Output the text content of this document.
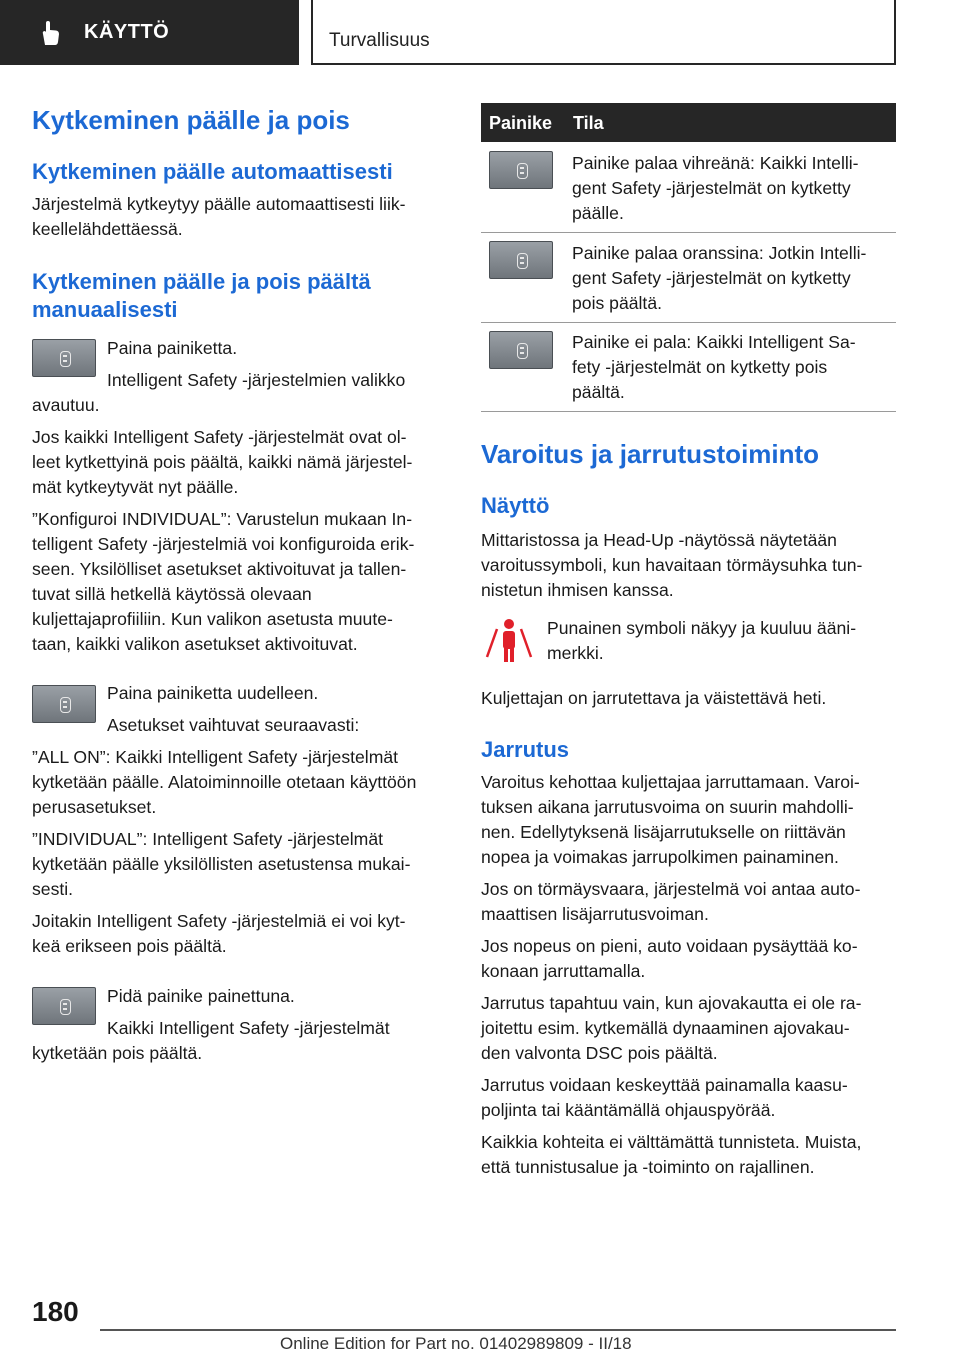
KÄYTTÖ	Turvallisuus
Kytkeminen päälle ja pois
Kytkeminen päälle automaattisesti

Järjestelmä kytkeytyy päälle automaattisesti liik-

keellelähdettäessä.

Kytkeminen päälle ja pois päältä
manuaalisesti

Paina painiketta.

Intelligent Safety -järjestelmien valikko

avautuu.

Jos kaikki Intelligent Safety -järjestelmät ovat ol-

leet kytkettyinä pois päältä, kaikki nämä järjestel-

mät kytkeytyvät nyt päälle.

”Konfiguroi INDIVIDUAL”: Varustelun mukaan In-

telligent Safety -järjestelmiä voi konfiguroida erik-

seen. Yksilölliset asetukset aktivoituvat ja tallen-

tuvat sillä hetkellä käytössä olevaan

kuljettajaprofiiliin. Kun valikon asetusta muute-

taan, kaikki valikon asetukset aktivoituvat.

Paina painiketta uudelleen.

Asetukset vaihtuvat seuraavasti:

”ALL ON”: Kaikki Intelligent Safety -järjestelmät

kytketään päälle. Alatoiminnoille otetaan käyttöön

perusasetukset.

”INDIVIDUAL”: Intelligent Safety -järjestelmät

kytketään päälle yksilöllisten asetustensa mukai-

sesti.

Joitakin Intelligent Safety -järjestelmiä ei voi kyt-

keä erikseen pois päältä.

Pidä painike painettuna.

Kaikki Intelligent Safety -järjestelmät

kytketään pois päältä.

Painike Tila

Painike palaa vihreänä: Kaikki Intelli-

gent Safety -järjestelmät on kytketty

päälle.

Painike palaa oranssina: Jotkin Intelli-

gent Safety -järjestelmät on kytketty

pois päältä.

Painike ei pala: Kaikki Intelligent Sa-

fety -järjestelmät on kytketty pois

päältä.

Varoitus ja jarrutustoiminto
Näyttö

Mittaristossa ja Head-Up -näytössä näytetään

varoitussymboli, kun havaitaan törmäysuhka tun-

nistetun ihmisen kanssa.

Punainen symboli näkyy ja kuuluu ääni-

merkki.

Kuljettajan on jarrutettava ja väistettävä heti.

Jarrutus

Varoitus kehottaa kuljettajaa jarruttamaan. Varoi-

tuksen aikana jarrutusvoima on suurin mahdolli-

nen. Edellytyksenä lisäjarrutukselle on riittävän

nopea ja voimakas jarrupolkimen painaminen.

Jos on törmäysvaara, järjestelmä voi antaa auto-

maattisen lisäjarrutusvoiman.

Jos nopeus on pieni, auto voidaan pysäyttää ko-

konaan jarruttamalla.

Jarrutus tapahtuu vain, kun ajovakautta ei ole ra-

joitettu esim. kytkemällä dynaaminen ajovakau-

den valvonta DSC pois päältä.

Jarrutus voidaan keskeyttää painamalla kaasu-

poljinta tai kääntämällä ohjauspyörää.

Kaikkia kohteita ei välttämättä tunnisteta. Muista,

että tunnistusalue ja -toiminto on rajallinen.

180
Online Edition for Part no. 01402989809 - II/18
